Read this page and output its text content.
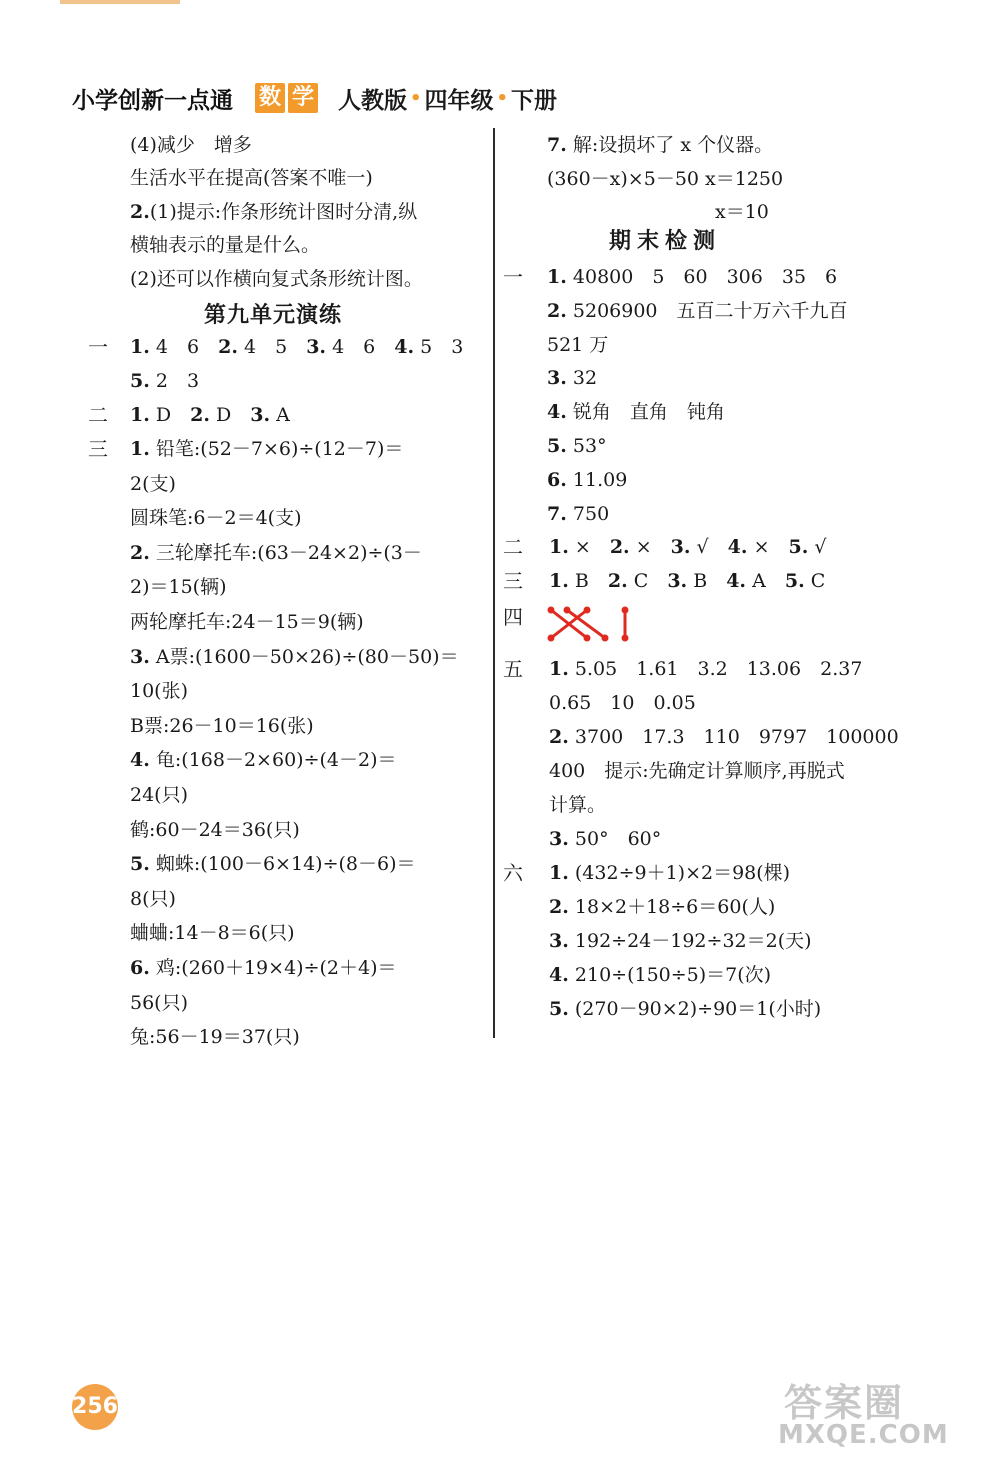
小学创新一点通 数 学 人教版 • 四年级 • 下册
(4)减少　增多
生活水平在提高(答案不唯一)
2.(1)提示:作条形统计图时分清,纵
横轴表示的量是什么。
(2)还可以作横向复式条形统计图。
第九单元演练
一 1. 4　6　 2. 4　5　 3. 4　6　 4. 5　3
5. 2　3
二 1. D　 2. D　 3. A
三 1. 铅笔:(52－7×6)÷(12－7)＝
2(支)
圆珠笔:6－2＝4(支)
2. 三轮摩托车:(63－24×2)÷(3－
2)＝15(辆)
两轮摩托车:24－15＝9(辆)
3. A票:(1600－50×26)÷(80－50)＝
10(张)
B票:26－10＝16(张)
4. 龟:(168－2×60)÷(4－2)＝
24(只)
鹤:60－24＝36(只)
5. 蜘蛛:(100－6×14)÷(8－6)＝
8(只)
蛐蛐:14－8＝6(只)
6. 鸡:(260＋19×4)÷(2＋4)＝
56(只)
兔:56－19＝37(只)
7. 解:设损坏了 x 个仪器。
(360－x)×5－50 x＝1250
x＝10
期末检测
一 1. 40800　5　60　306　35　6
2. 5206900　五百二十万六千九百
521 万
3. 32
4. 锐角　直角　钝角
5. 53°
6. 11.09
7. 750
二 1. ×　 2. ×　 3. √　 4. ×　 5. √
三 1. B　 2. C　 3. B　 4. A　 5. C
四
五 1. 5.05　1.61　3.2　13.06　2.37
0.65　10　0.05
2. 3700　17.3　110　9797　100000
400　提示:先确定计算顺序,再脱式
计算。
3. 50°　60°
六 1. (432÷9＋1)×2＝98(棵)
2. 18×2＋18÷6＝60(人)
3. 192÷24－192÷32＝2(天)
4. 210÷(150÷5)＝7(次)
5. (270－90×2)÷90＝1(小时)
256	答案圈
MXQE.COM
